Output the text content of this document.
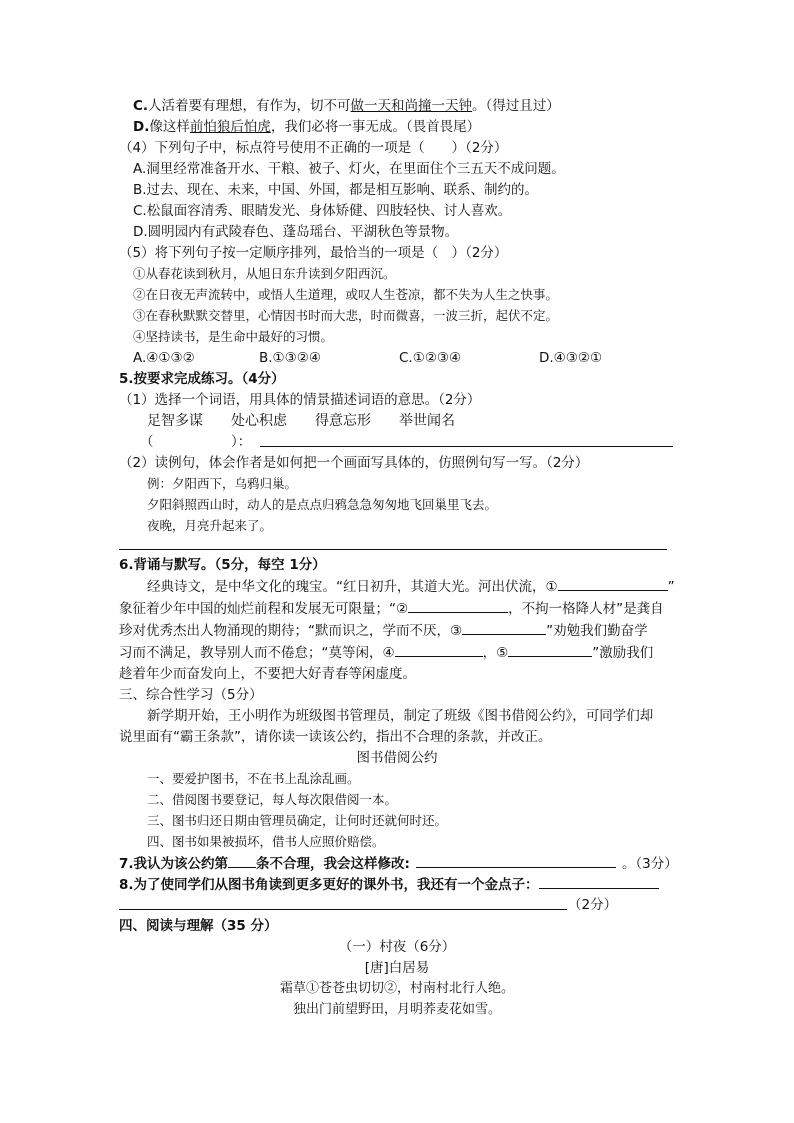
C.人活着要有理想，有作为，切不可做一天和尚撞一天钟。（得过且过）
D.像这样前怕狼后怕虎，我们必将一事无成。（畏首畏尾）
（4）下列句子中，标点符号使用不正确的一项是（　　）（2分）
A.洞里经常准备开水、干粮、被子、灯火，在里面住个三五天不成问题。
B.过去、现在、未来，中国、外国，都是相互影响、联系、制约的。
C.松鼠面容清秀、眼睛发光、身体矫健、四肢轻快、讨人喜欢。
D.圆明园内有武陵春色、蓬岛瑶台、平湖秋色等景物。
（5）将下列句子按一定顺序排列，最恰当的一项是（　）（2分）
①从春花读到秋月，从旭日东升读到夕阳西沉。
②在日夜无声流转中，或悟人生道理，或叹人生苍凉，都不失为人生之快事。
③在春秋默默交替里，心情因书时而大悲，时而微喜，一波三折，起伏不定。
④坚持读书，是生命中最好的习惯。
A.④①③②	B.①③②④	C.①②③④	D.④③②①
5.按要求完成练习。（4分）
（1）选择一个词语，用具体的情景描述词语的意思。（2分）
足智多谋　　处心积虑　　得意忘形　　举世闻名
（	）：
（2）读例句，体会作者是如何把一个画面写具体的，仿照例句写一写。（2分）
例：夕阳西下，乌鸦归巢。
夕阳斜照西山时，动人的是点点归鸦急急匆匆地飞回巢里飞去。
夜晚，月亮升起来了。
6.背诵与默写。（5分，每空 1分）
经典诗文，是中华文化的瑰宝。“红日初升，其道大光。河出伏流，①	”
象征着少年中国的灿烂前程和发展无可限量；“②	，不拘一格降人材”是龚自
珍对优秀杰出人物涌现的期待；“默而识之，学而不厌，③	”劝勉我们勤奋学
习而不满足，教导别人而不倦怠；“莫等闲，④	，⑤	”激励我们
趁着年少而奋发向上，不要把大好青春等闲虚度。
三、综合性学习（5分）
新学期开始，王小明作为班级图书管理员，制定了班级《图书借阅公约》，可同学们却
说里面有“霸王条款”，请你读一读该公约，指出不合理的条款，并改正。
图书借阅公约
一、要爱护图书，不在书上乱涂乱画。
二、借阅图书要登记，每人每次限借阅一本。
三、图书归还日期由管理员确定，让何时还就何时还。
四、图书如果被损坏，借书人应照价赔偿。
7.我认为该公约第 条不合理，我会这样修改:	。（3分）
8.为了使同学们从图书角读到更多更好的课外书，我还有一个金点子：
（2分）
四、阅读与理解（35 分）
（一）村夜（6分）
[唐]白居易
霜草①苍苍虫切切②，村南村北行人绝。
独出门前望野田，月明荞麦花如雪。
